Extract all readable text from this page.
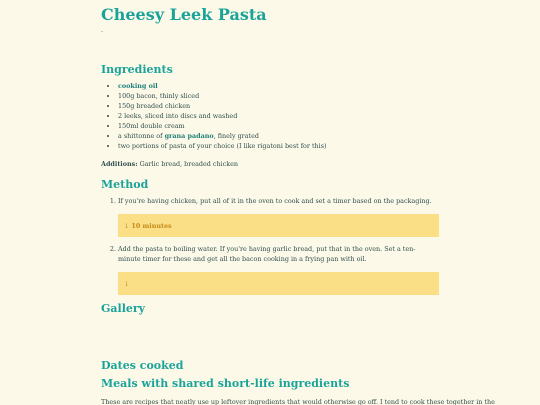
Cheesy Leek Pasta
.
Ingredients
• cooking oil
• 100g bacon, thinly sliced
• 150g breaded chicken
• 2 leeks, sliced into discs and washed
• 150ml double cream
• a shittonne of grana padano, finely grated
• two portions of pasta of your choice (I like rigatoni best for this)
Additions: Garlic bread, breaded chicken
Method
1. If you're having chicken, put all of it in the oven to cook and set a timer based on the packaging.
↓ 10 minutes
2. Add the pasta to boiling water. If you're having garlic bread, put that in the oven. Set a ten-minute timer for these and get all the bacon cooking in a frying pan with oil.
↓
Gallery
Dates cooked
Meals with shared short-life ingredients
These are recipes that neatly use up leftover ingredients that would otherwise go off. I tend to cook these together in the
